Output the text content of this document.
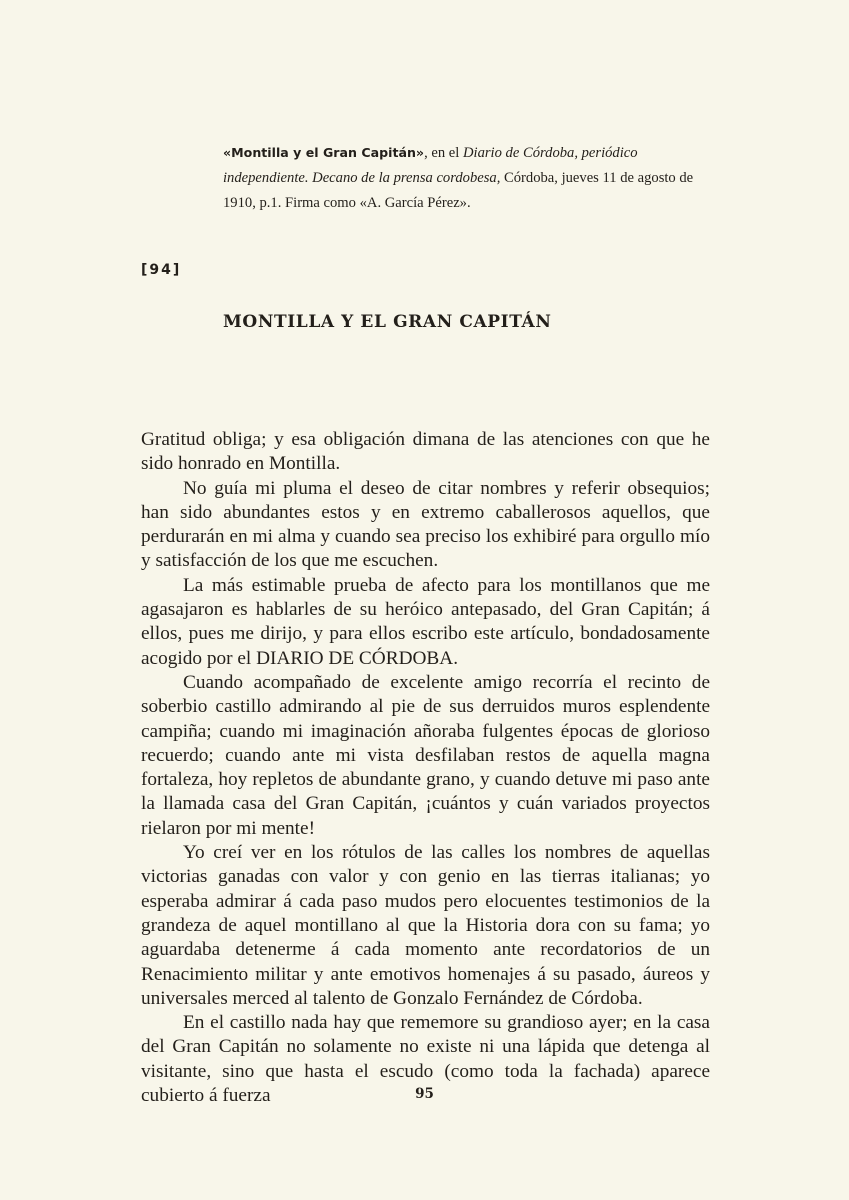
«Montilla y el Gran Capitán», en el Diario de Córdoba, periódico independiente. Decano de la prensa cordobesa, Córdoba, jueves 11 de agosto de 1910, p.1. Firma como «A. García Pérez».
[94]
MONTILLA Y EL GRAN CAPITÁN

Gratitud obliga; y esa obligación dimana de las atenciones con que he sido honrado en Montilla.

No guía mi pluma el deseo de citar nombres y referir obsequios; han sido abundantes estos y en extremo caballerosos aquellos, que perdurarán en mi alma y cuando sea preciso los exhibiré para orgullo mío y satisfacción de los que me escuchen.

La más estimable prueba de afecto para los montillanos que me agasajaron es hablarles de su heróico antepasado, del Gran Capitán; á ellos, pues me dirijo, y para ellos escribo este artículo, bondadosamente acogido por el DIARIO DE CÓRDOBA.

Cuando acompañado de excelente amigo recorría el recinto de soberbio castillo admirando al pie de sus derruidos muros esplendente campiña; cuando mi imaginación añoraba fulgentes épocas de glorioso recuerdo; cuando ante mi vista desfilaban restos de aquella magna fortaleza, hoy repletos de abundante grano, y cuando detuve mi paso ante la llamada casa del Gran Capitán, ¡cuántos y cuán variados proyectos rielaron por mi mente!

Yo creí ver en los rótulos de las calles los nombres de aquellas victorias ganadas con valor y con genio en las tierras italianas; yo esperaba admirar á cada paso mudos pero elocuentes testimonios de la grandeza de aquel montillano al que la Historia dora con su fama; yo aguardaba detenerme á cada momento ante recordatorios de un Renacimiento militar y ante emotivos homenajes á su pasado, áureos y universales merced al talento de Gonzalo Fernández de Córdoba.

En el castillo nada hay que rememore su grandioso ayer; en la casa del Gran Capitán no solamente no existe ni una lápida que detenga al visitante, sino que hasta el escudo (como toda la fachada) aparece cubierto á fuerza	95
